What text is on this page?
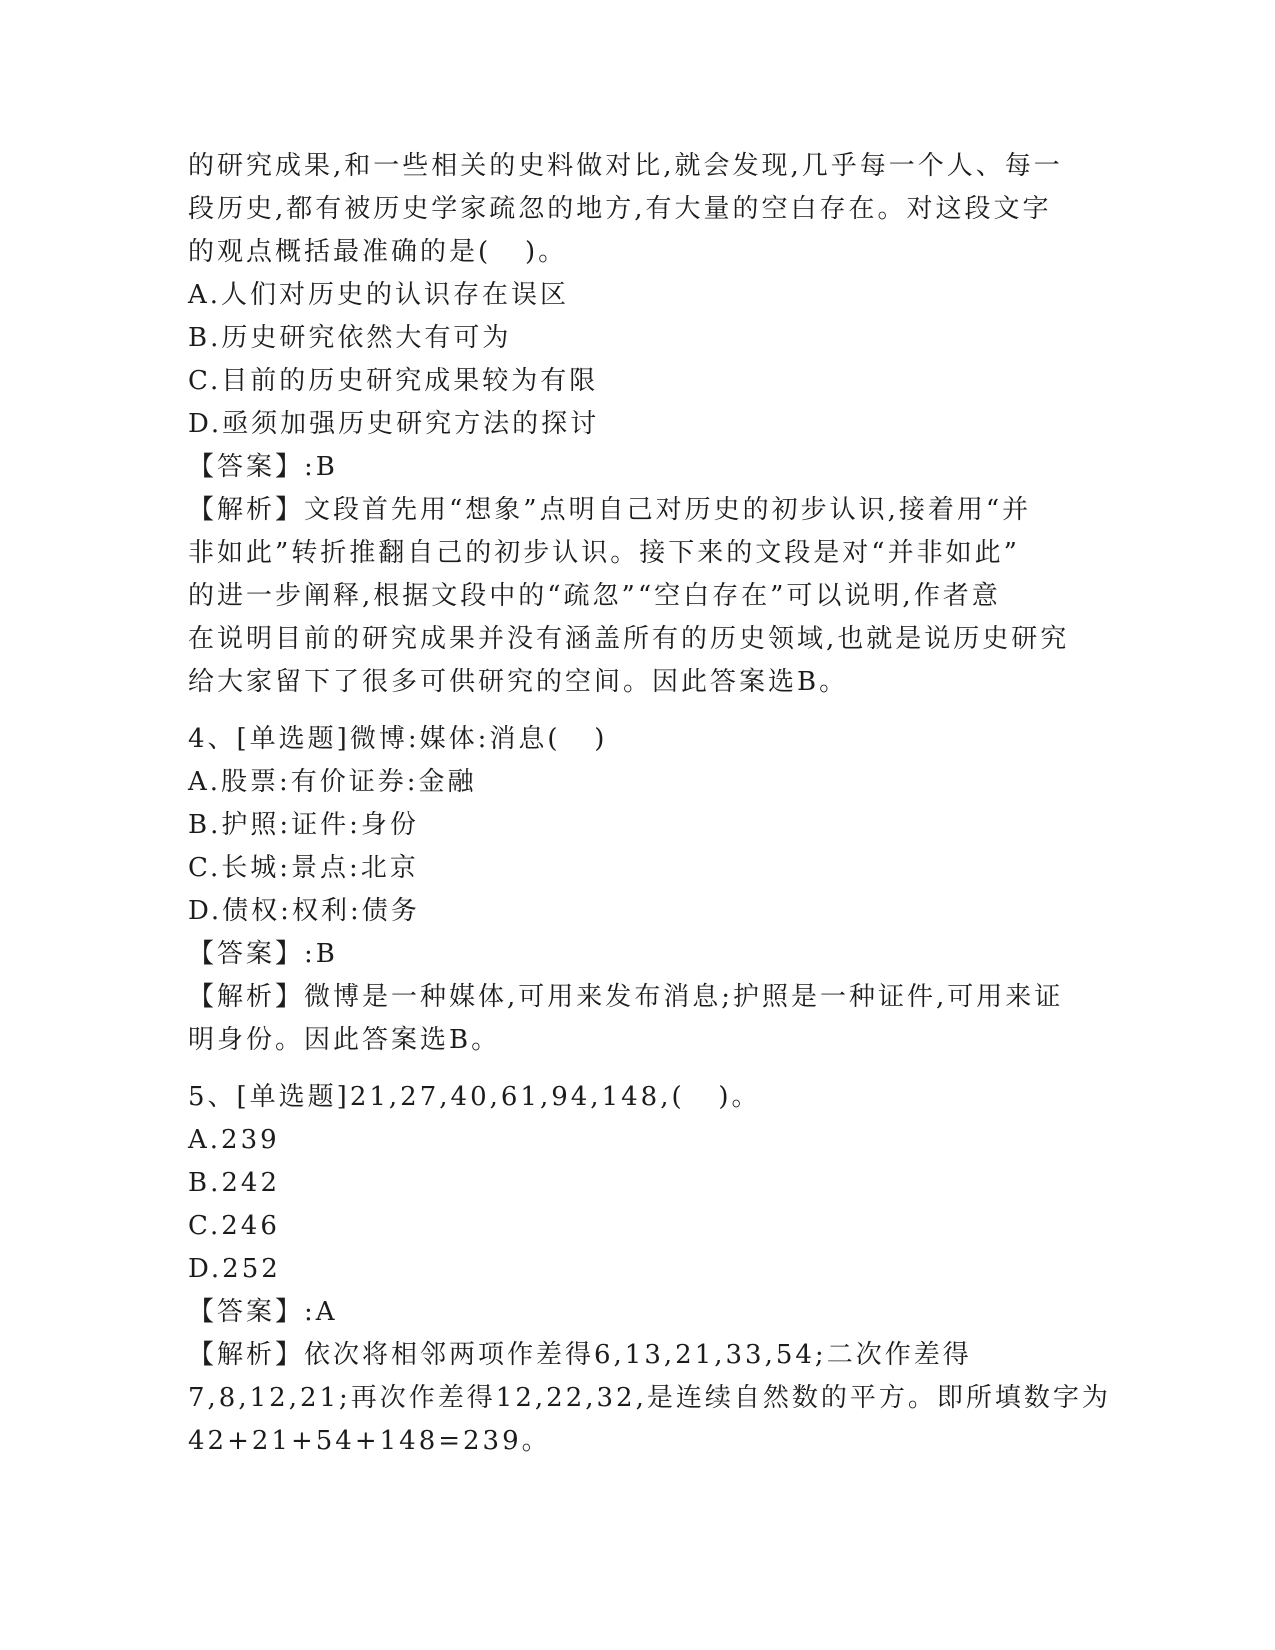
的研究成果,和一些相关的史料做对比,就会发现,几乎每一个人、每一
段历史,都有被历史学家疏忽的地方,有大量的空白存在。对这段文字
的观点概括最准确的是(   )。
A.人们对历史的认识存在误区
B.历史研究依然大有可为
C.目前的历史研究成果较为有限
D.亟须加强历史研究方法的探讨
【答案】:B
【解析】文段首先用“想象”点明自己对历史的初步认识,接着用“并
非如此”转折推翻自己的初步认识。接下来的文段是对“并非如此”
的进一步阐释,根据文段中的“疏忽”“空白存在”可以说明,作者意
在说明目前的研究成果并没有涵盖所有的历史领域,也就是说历史研究
给大家留下了很多可供研究的空间。因此答案选B。
4、[单选题]微博:媒体:消息(   )
A.股票:有价证券:金融
B.护照:证件:身份
C.长城:景点:北京
D.债权:权利:债务
【答案】:B
【解析】微博是一种媒体,可用来发布消息;护照是一种证件,可用来证
明身份。因此答案选B。
5、[单选题]21,27,40,61,94,148,(   )。
A.239
B.242
C.246
D.252
【答案】:A
【解析】依次将相邻两项作差得6,13,21,33,54;二次作差得
7,8,12,21;再次作差得12,22,32,是连续自然数的平方。即所填数字为
42+21+54+148=239。
